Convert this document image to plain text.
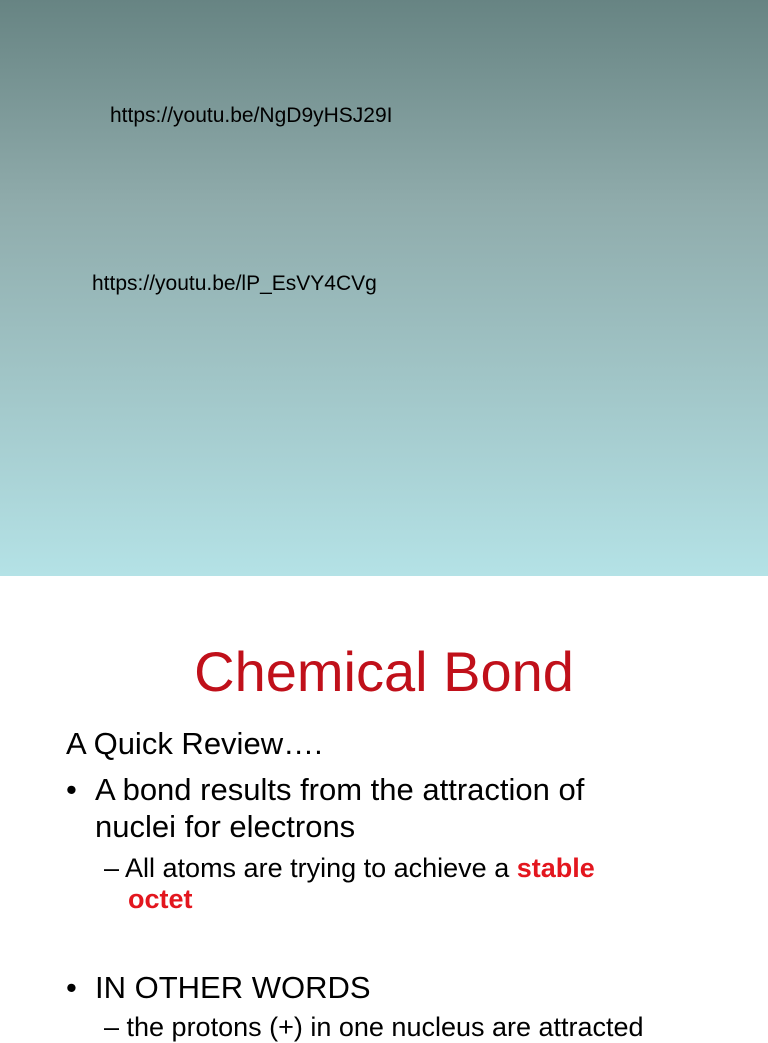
https://youtu.be/NgD9yHSJ29I
https://youtu.be/lP_EsVY4CVg
Chemical Bond
A Quick Review….
• A bond results from the attraction of
nuclei for electrons
– All atoms are trying to achieve a stable
octet
• IN OTHER WORDS
– the protons (+) in one nucleus are attracted
